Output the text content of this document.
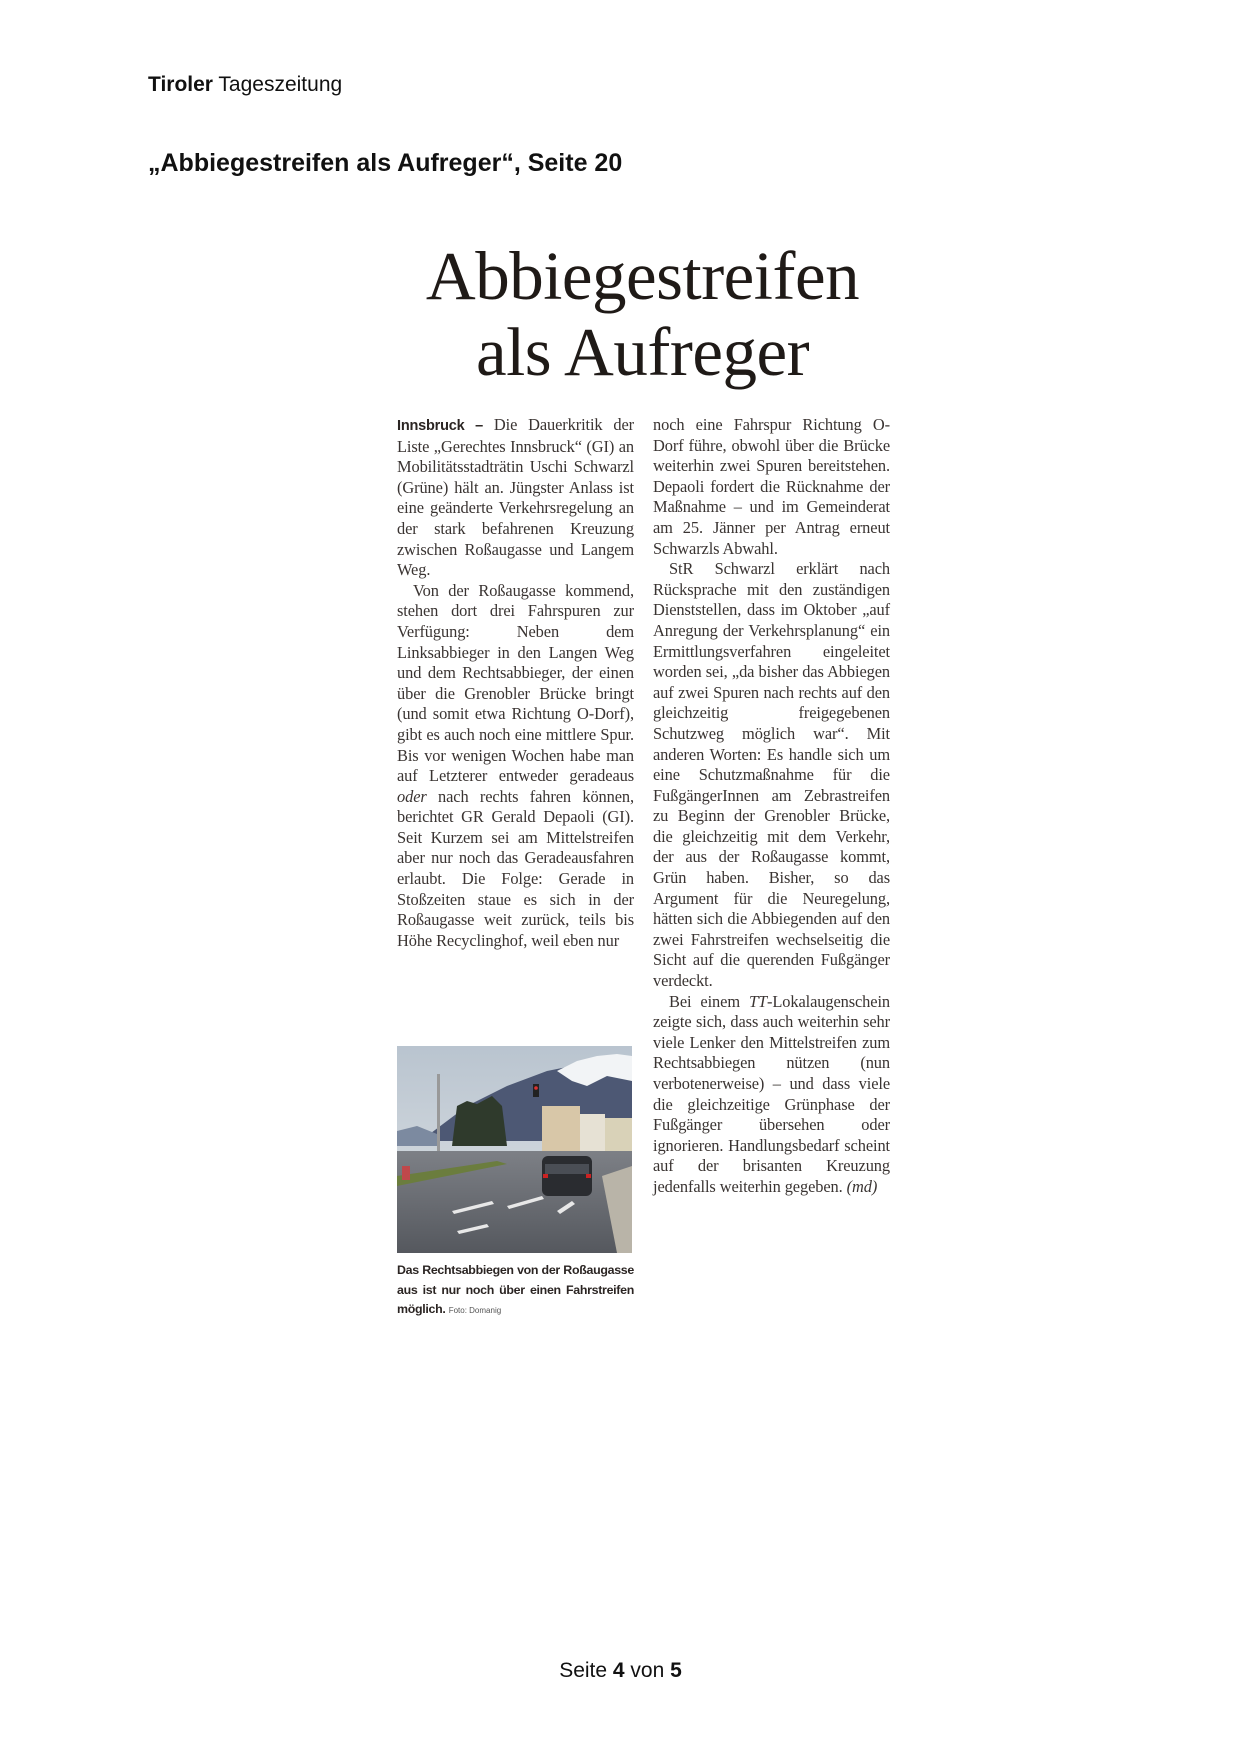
Tiroler Tageszeitung
„Abbiegestreifen als Aufreger“, Seite 20
Abbiegestreifen
als Aufreger

Innsbruck – Die Dauerkritik der Liste „Gerechtes Innsbruck“ (GI) an Mobilitätsstadträtin Uschi Schwarzl (Grüne) hält an. Jüngster Anlass ist eine geänderte Verkehrsregelung an der stark befahrenen Kreuzung zwischen Roßaugasse und Langem Weg.

Von der Roßaugasse kommend, stehen dort drei Fahrspuren zur Verfügung: Neben dem Linksabbieger in den Langen Weg und dem Rechtsabbieger, der einen über die Grenobler Brücke bringt (und somit etwa Richtung O-Dorf), gibt es auch noch eine mittlere Spur. Bis vor wenigen Wochen habe man auf Letzterer entweder geradeaus oder nach rechts fahren können, berichtet GR Gerald Depaoli (GI). Seit Kurzem sei am Mittelstreifen aber nur noch das Geradeausfahren erlaubt. Die Folge: Gerade in Stoßzeiten staue es sich in der Roßaugasse weit zurück, teils bis Höhe Recyclinghof, weil eben nur

Das Rechtsabbiegen von der Roßaugasse aus ist nur noch über einen Fahrstreifen möglich. Foto: Domanig

noch eine Fahrspur Richtung O-Dorf führe, obwohl über die Brücke weiterhin zwei Spuren bereitstehen. Depaoli fordert die Rücknahme der Maßnahme – und im Gemeinderat am 25. Jänner per Antrag erneut Schwarzls Abwahl.

StR Schwarzl erklärt nach Rücksprache mit den zuständigen Dienststellen, dass im Oktober „auf Anregung der Verkehrsplanung“ ein Ermittlungsverfahren eingeleitet worden sei, „da bisher das Abbiegen auf zwei Spuren nach rechts auf den gleichzeitig freigegebenen Schutzweg möglich war“. Mit anderen Worten: Es handle sich um eine Schutzmaßnahme für die FußgängerInnen am Zebrastreifen zu Beginn der Grenobler Brücke, die gleichzeitig mit dem Verkehr, der aus der Roßaugasse kommt, Grün haben. Bisher, so das Argument für die Neuregelung, hätten sich die Abbiegenden auf den zwei Fahrstreifen wechselseitig die Sicht auf die querenden Fußgänger verdeckt.

Bei einem TT-Lokalaugenschein zeigte sich, dass auch weiterhin sehr viele Lenker den Mittelstreifen zum Rechtsabbiegen nützen (nun verbotenerweise) – und dass viele die gleichzeitige Grünphase der Fußgänger übersehen oder ignorieren. Handlungsbedarf scheint auf der brisanten Kreuzung jedenfalls weiterhin gegeben. (md)

Seite 4 von 5
